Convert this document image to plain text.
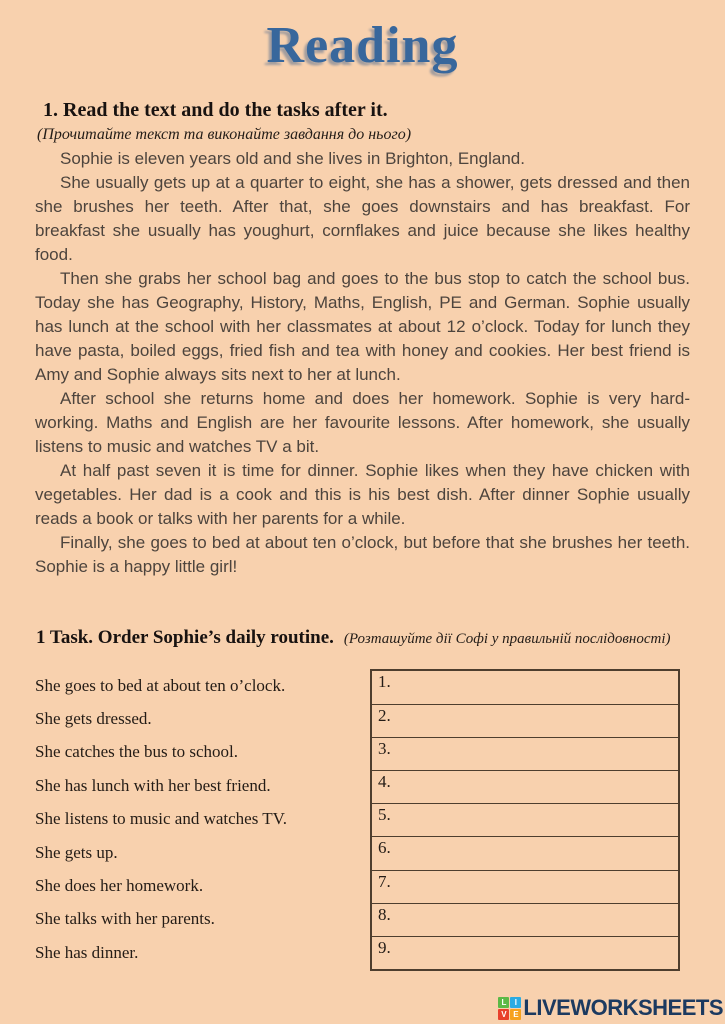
Reading
1. Read the text and do the tasks after it.
(Прочитайте текст та виконайте завдання до нього)

Sophie is eleven years old and she lives in Brighton, England.

She usually gets up at a quarter to eight, she has a shower, gets dressed and then she brushes her teeth. After that, she goes downstairs and has breakfast. For breakfast she usually has youghurt, cornflakes and juice because she likes healthy food.

Then she grabs her school bag and goes to the bus stop to catch the school bus. Today she has Geography, History, Maths, English, PE and German. Sophie usually has lunch at the school with her classmates at about 12 o’clock. Today for lunch they have pasta, boiled eggs, fried fish and tea with honey and cookies. Her best friend is Amy and Sophie always sits next to her at lunch.

After school she returns home and does her homework. Sophie is very hard-working. Maths and English are her favourite lessons. After homework, she usually listens to music and watches TV a bit.

At half past seven it is time for dinner. Sophie likes when they have chicken with vegetables. Her dad is a cook and this is his best dish. After dinner Sophie usually reads a book or talks with her parents for a while.

Finally, she goes to bed at about ten o’clock, but before that she brushes her teeth. Sophie is a happy little girl!

1 Task. Order Sophie’s daily routine. (Розташуйте дії Софі у правильній послідовності)
She goes to bed at about ten o’clock.
She gets dressed.
She catches the bus to school.
She has lunch with her best friend.
She listens to music and watches TV.
She gets up.
She does her homework.
She talks with her parents.
She has dinner.
1.
2.
3.
4.
5.
6.
7.
8.
9.
L	I
V E LIVEWORKSHEETS
